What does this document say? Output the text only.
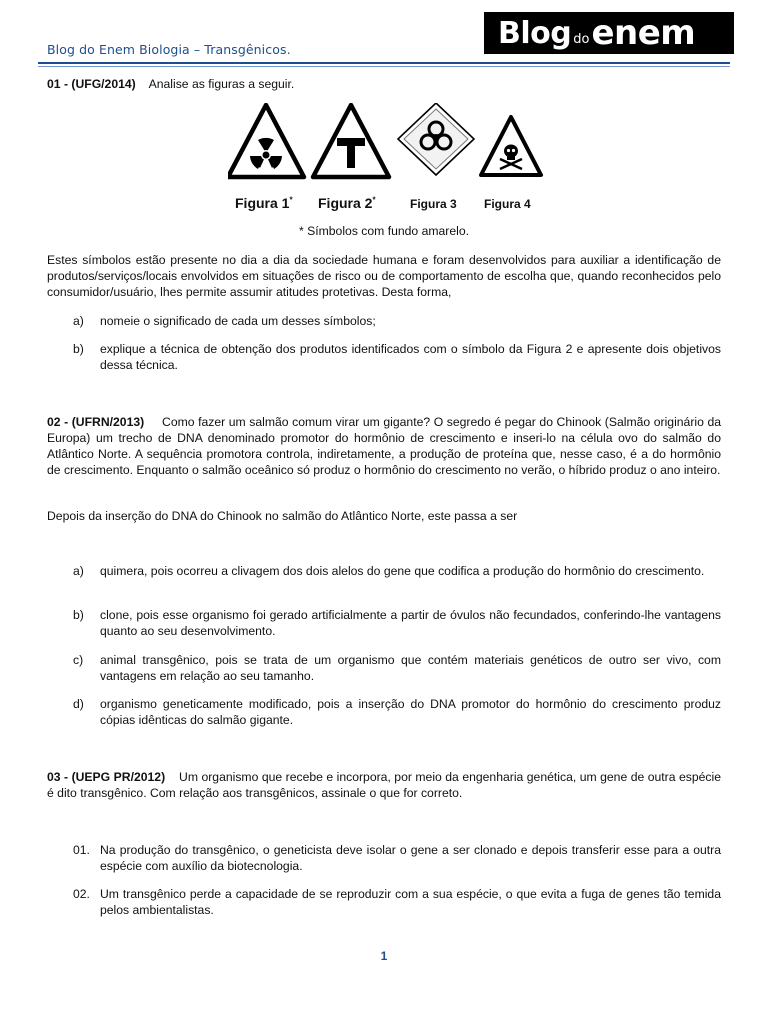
Blog do Enem Biologia – Transgênicos.	Blog do enem
01 - (UFG/2014) Analise as figuras a seguir.
Figura 1* Figura 2*	Figura 3 Figura 4
* Símbolos com fundo amarelo.
Estes símbolos estão presente no dia a dia da sociedade humana e foram desenvolvidos para auxiliar a identificação de produtos/serviços/locais envolvidos em situações de risco ou de comportamento de escolha que, quando reconhecidos pelo consumidor/usuário, lhes permite assumir atitudes protetivas. Desta forma,
a) nomeie o significado de cada um desses símbolos;
b) explique a técnica de obtenção dos produtos identificados com o símbolo da Figura 2 e apresente dois objetivos dessa técnica.
02 - (UFRN/2013) Como fazer um salmão comum virar um gigante? O segredo é pegar do Chinook (Salmão originário da Europa) um trecho de DNA denominado promotor do hormônio de crescimento e inseri-lo na célula ovo do salmão do Atlântico Norte. A sequência promotora controla, indiretamente, a produção de proteína que, nesse caso, é a do hormônio de crescimento. Enquanto o salmão oceânico só produz o hormônio do crescimento no verão, o híbrido produz o ano inteiro.
Depois da inserção do DNA do Chinook no salmão do Atlântico Norte, este passa a ser
a) quimera, pois ocorreu a clivagem dos dois alelos do gene que codifica a produção do hormônio do crescimento.
b) clone, pois esse organismo foi gerado artificialmente a partir de óvulos não fecundados, conferindo-lhe vantagens quanto ao seu desenvolvimento.
c) animal transgênico, pois se trata de um organismo que contém materiais genéticos de outro ser vivo, com vantagens em relação ao seu tamanho.
d) organismo geneticamente modificado, pois a inserção do DNA promotor do hormônio do crescimento produz cópias idênticas do salmão gigante.
03 - (UEPG PR/2012) Um organismo que recebe e incorpora, por meio da engenharia genética, um gene de outra espécie é dito transgênico. Com relação aos transgênicos, assinale o que for correto.
01. Na produção do transgênico, o geneticista deve isolar o gene a ser clonado e depois transferir esse para a outra espécie com auxílio da biotecnologia.
02. Um transgênico perde a capacidade de se reproduzir com a sua espécie, o que evita a fuga de genes tão temida pelos ambientalistas.
1
